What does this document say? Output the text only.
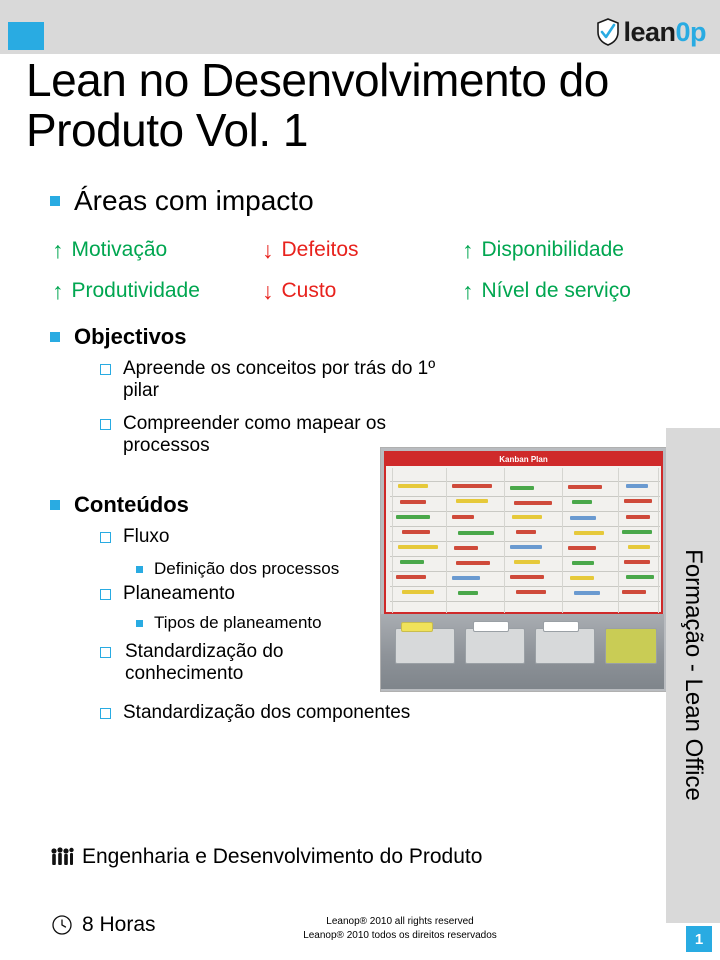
lean0p
Lean no Desenvolvimento do Produto Vol. 1
Áreas com impacto
↑ Motivação	↓ Defeitos	↑ Disponibilidade
↑ Produtividade	↓ Custo	↑ Nível de serviço
Objectivos
Apreende os conceitos por trás do 1º pilar
Compreender como mapear os processos
Conteúdos
Fluxo
Definição dos processos
Planeamento
Tipos de planeamento
Standardização do conhecimento
Standardização dos componentes
Kanban Plan
Formação - Lean Office
1
Engenharia e Desenvolvimento do Produto
8 Horas	Leanop® 2010 all rights reserved
Leanop® 2010 todos os direitos reservados
